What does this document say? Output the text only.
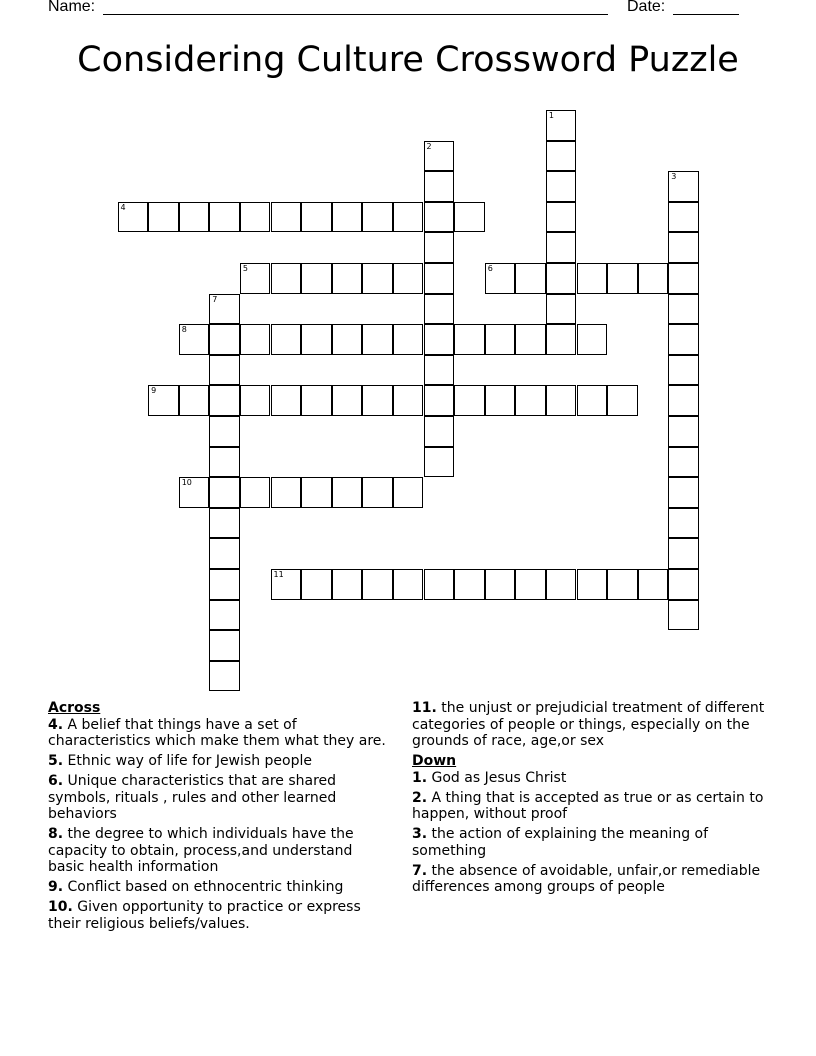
Name:	Date:
Considering Culture Crossword Puzzle
1
2
3
4
5	6
7
8
9
10
11
Across
4. A belief that things have a set of characteristics which make them what they are.
5. Ethnic way of life for Jewish people
6. Unique characteristics that are shared symbols, rituals , rules and other learned behaviors
8. the degree to which individuals have the capacity to obtain, process,and understand basic health information
9. Conflict based on ethnocentric thinking
10. Given opportunity to practice or express their religious beliefs/values.
11. the unjust or prejudicial treatment of different categories of people or things, especially on the grounds of race, age,or sex
Down
1. God as Jesus Christ
2. A thing that is accepted as true or as certain to happen, without proof
3. the action of explaining the meaning of something
7. the absence of avoidable, unfair,or remediable differences among groups of people
